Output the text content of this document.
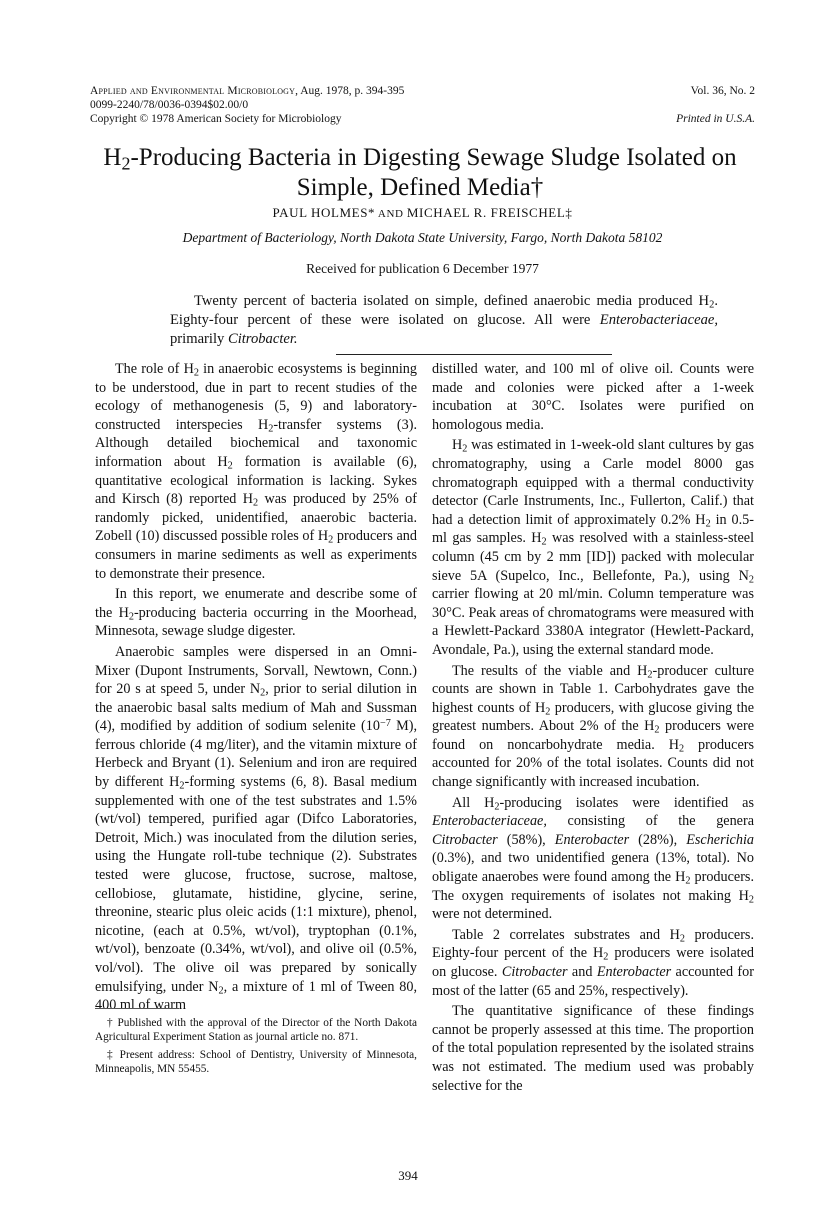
Applied and Environmental Microbiology, Aug. 1978, p. 394-395	Vol. 36, No. 2
0099-2240/78/0036-0394$02.00/0
Copyright © 1978 American Society for Microbiology	Printed in U.S.A.
$H_2$-Producing Bacteria in Digesting Sewage Sludge Isolated on
Simple, Defined Media†
PAUL HOLMES* AND MICHAEL R. FREISCHEL‡
Department of Bacteriology, North Dakota State University, Fargo, North Dakota 58102
Received for publication 6 December 1977
Twenty percent of bacteria isolated on simple, defined anaerobic media produced $H_2$. Eighty-four percent of these were isolated on glucose. All were Enterobacteriaceae, primarily Citrobacter.

The role of $H_2$ in anaerobic ecosystems is beginning to be understood, due in part to recent studies of the ecology of methanogenesis (5, 9) and laboratory-constructed interspecies $H_2$-transfer systems (3). Although detailed biochemical and taxonomic information about $H_2$ formation is available (6), quantitative ecological information is lacking. Sykes and Kirsch (8) reported $H_2$ was produced by 25% of randomly picked, unidentified, anaerobic bacteria. Zobell (10) discussed possible roles of $H_2$ producers and consumers in marine sediments as well as experiments to demonstrate their presence.

In this report, we enumerate and describe some of the $H_2$-producing bacteria occurring in the Moorhead, Minnesota, sewage sludge digester.

Anaerobic samples were dispersed in an Omni-Mixer (Dupont Instruments, Sorvall, Newtown, Conn.) for 20 s at speed 5, under $N_2$, prior to serial dilution in the anaerobic basal salts medium of Mah and Sussman (4), modified by addition of sodium selenite ($10^{-7}$ M), ferrous chloride (4 mg/liter), and the vitamin mixture of Herbeck and Bryant (1). Selenium and iron are required by different $H_2$-forming systems (6, 8). Basal medium supplemented with one of the test substrates and 1.5% (wt/vol) tempered, purified agar (Difco Laboratories, Detroit, Mich.) was inoculated from the dilution series, using the Hungate roll-tube technique (2). Substrates tested were glucose, fructose, sucrose, maltose, cellobiose, glutamate, histidine, glycine, serine, threonine, stearic plus oleic acids (1:1 mixture), phenol, nicotine, (each at 0.5%, wt/vol), tryptophan (0.1%, wt/vol), benzoate (0.34%, wt/vol), and olive oil (0.5%, vol/vol). The olive oil was prepared by sonically emulsifying, under $N_2$, a mixture of 1 ml of Tween 80, 400 ml of warm

distilled water, and 100 ml of olive oil. Counts were made and colonies were picked after a 1-week incubation at 30°C. Isolates were purified on homologous media.

$H_2$ was estimated in 1-week-old slant cultures by gas chromatography, using a Carle model 8000 gas chromatograph equipped with a thermal conductivity detector (Carle Instruments, Inc., Fullerton, Calif.) that had a detection limit of approximately 0.2% $H_2$ in 0.5-ml gas samples. $H_2$ was resolved with a stainless-steel column (45 cm by 2 mm [ID]) packed with molecular sieve 5A (Supelco, Inc., Bellefonte, Pa.), using $N_2$ carrier flowing at 20 ml/min. Column temperature was 30°C. Peak areas of chromatograms were measured with a Hewlett-Packard 3380A integrator (Hewlett-Packard, Avondale, Pa.), using the external standard mode.

The results of the viable and $H_2$-producer culture counts are shown in Table 1. Carbohydrates gave the highest counts of $H_2$ producers, with glucose giving the greatest numbers. About 2% of the $H_2$ producers were found on noncarbohydrate media. $H_2$ producers accounted for 20% of the total isolates. Counts did not change significantly with increased incubation.

All $H_2$-producing isolates were identified as Enterobacteriaceae, consisting of the genera Citrobacter (58%), Enterobacter (28%), Escherichia (0.3%), and two unidentified genera (13%, total). No obligate anaerobes were found among the $H_2$ producers. The oxygen requirements of isolates not making $H_2$ were not determined.

Table 2 correlates substrates and $H_2$ producers. Eighty-four percent of the $H_2$ producers were isolated on glucose. Citrobacter and Enterobacter accounted for most of the latter (65 and 25%, respectively).

The quantitative significance of these findings cannot be properly assessed at this time. The proportion of the total population represented by the isolated strains was not estimated. The medium used was probably selective for the

† Published with the approval of the Director of the North Dakota Agricultural Experiment Station as journal article no. 871.

‡ Present address: School of Dentistry, University of Minnesota, Minneapolis, MN 55455.

394
